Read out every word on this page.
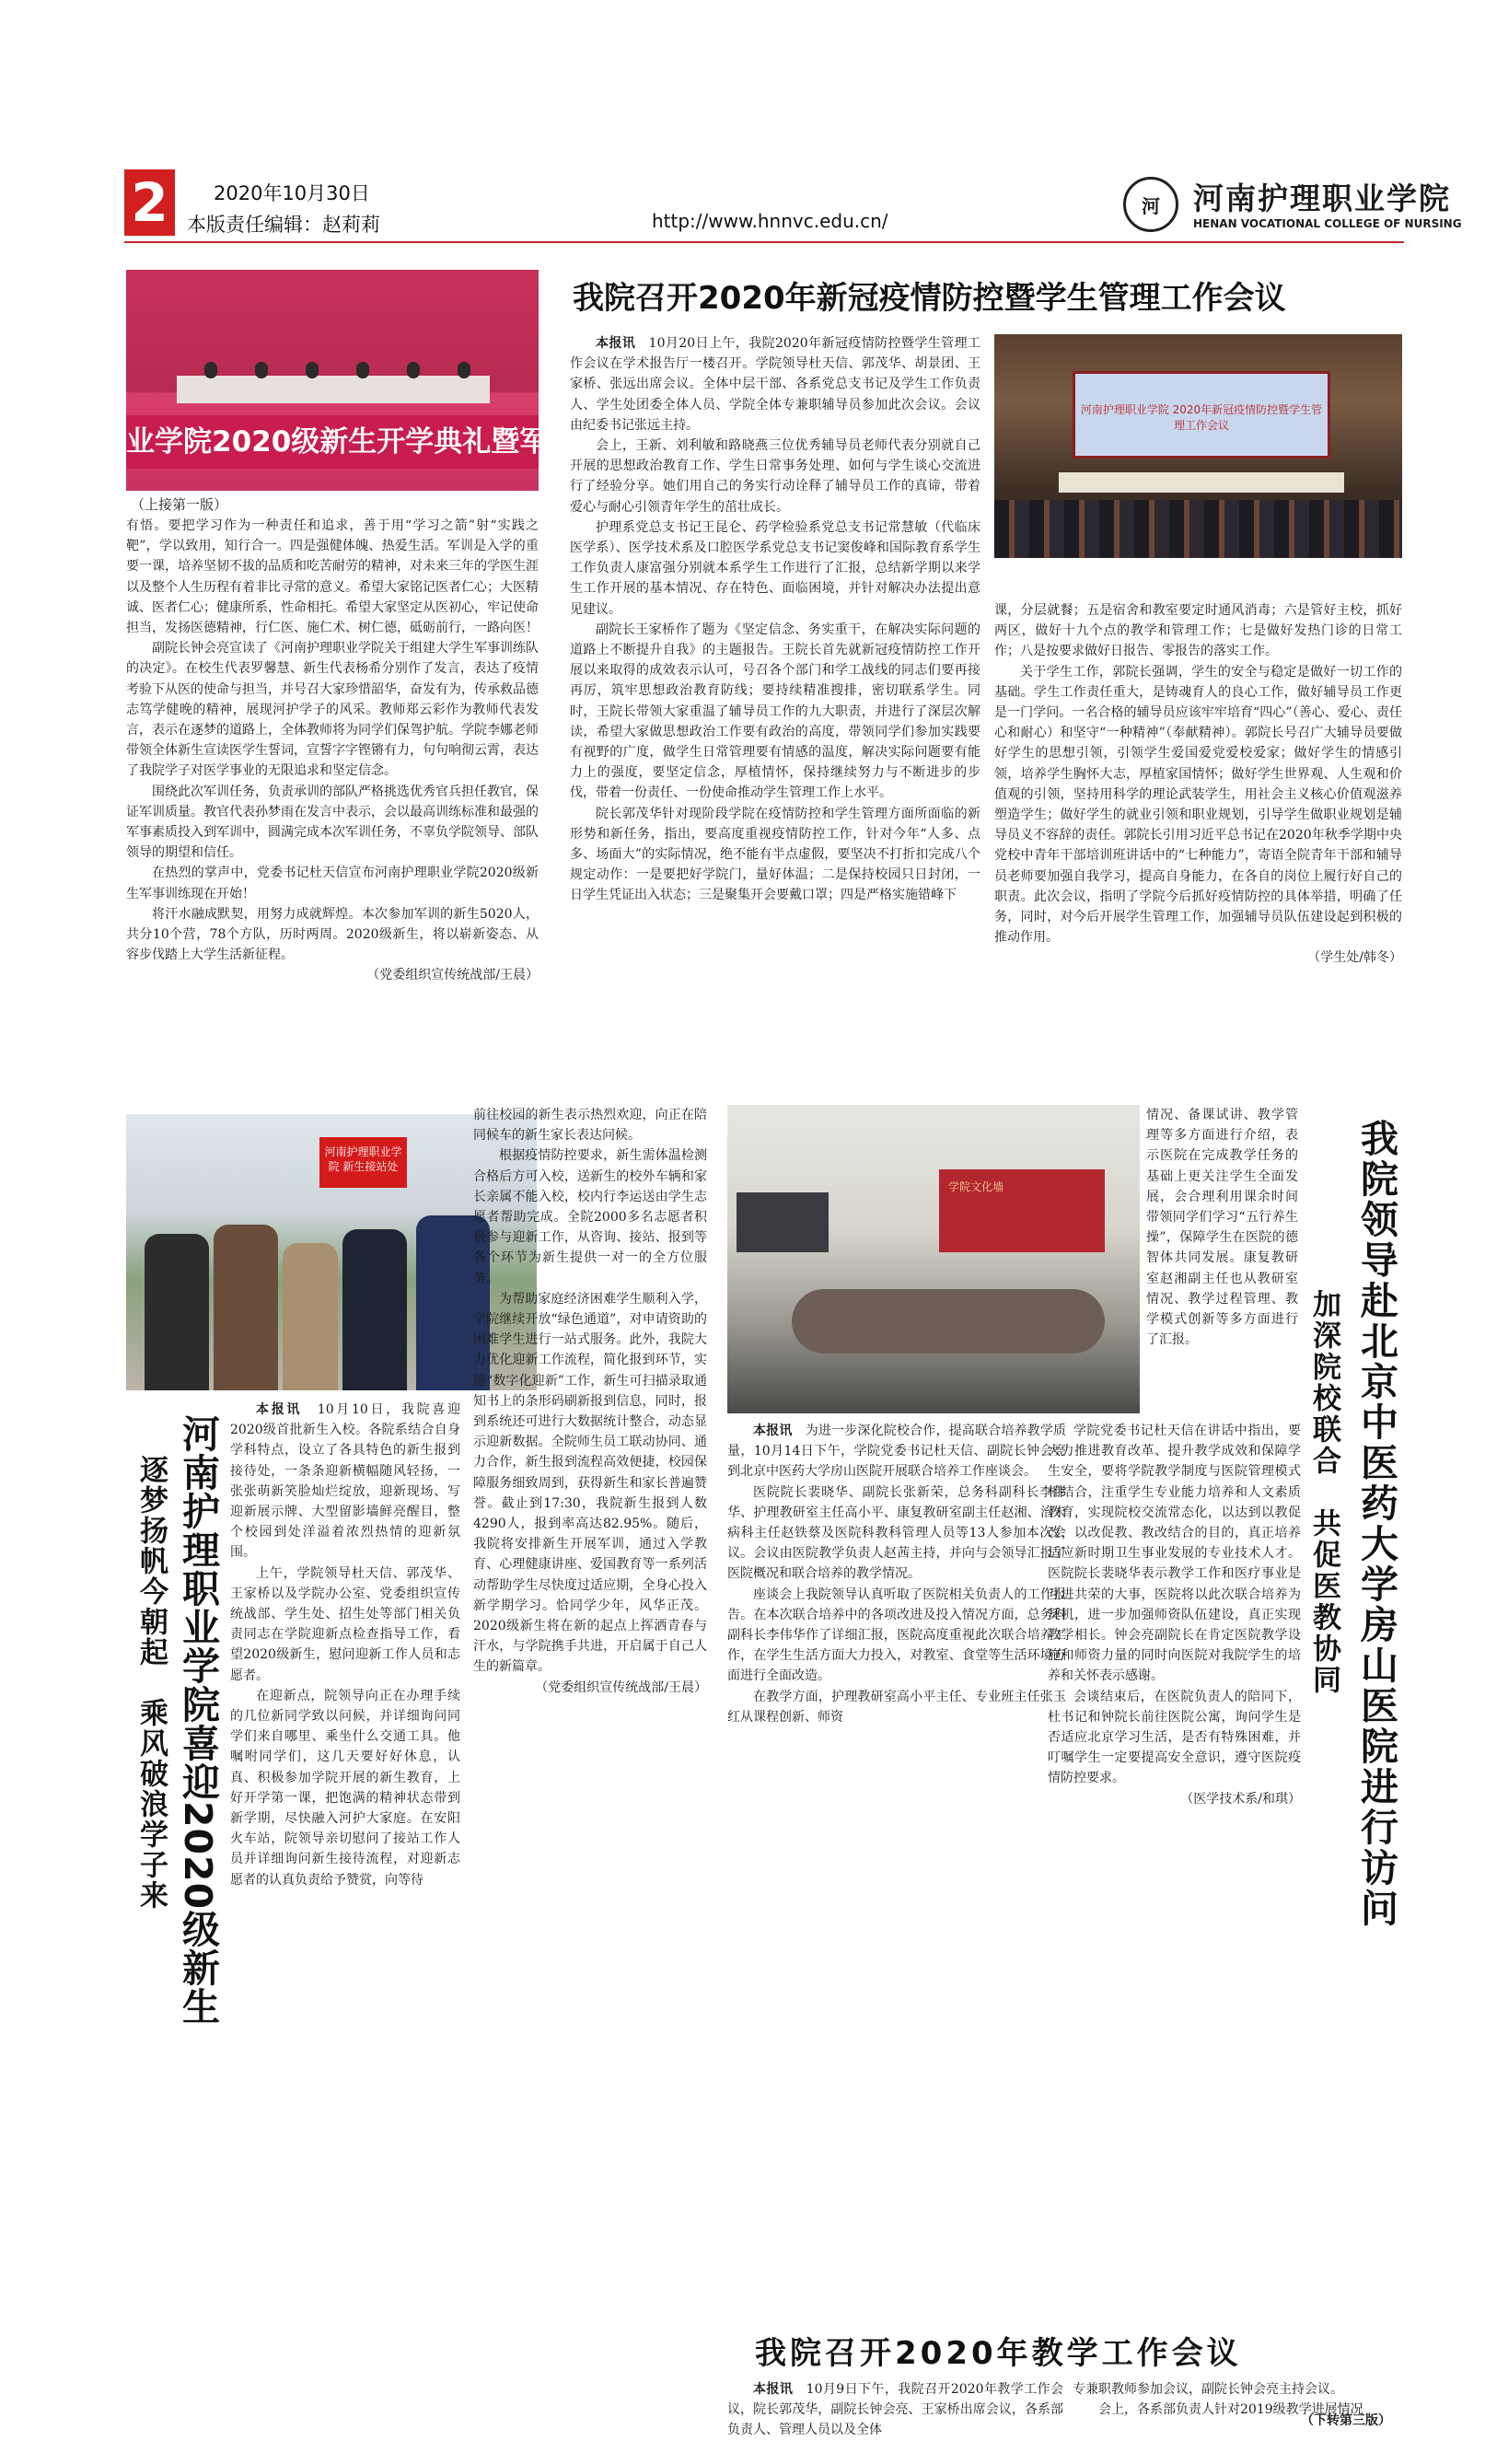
2	2020年10月30日
本版责任编辑：赵莉莉	http://www.hnnvc.edu.cn/
河	河南护理职业学院
HENAN VOCATIONAL COLLEGE OF NURSING
业学院2020级新生开学典礼暨军
（上接第一版）

有悟。要把学习作为一种责任和追求，善于用“学习之箭”射“实践之靶”，学以致用，知行合一。四是强健体魄、热爱生活。军训是入学的重要一课，培养坚韧不拔的品质和吃苦耐劳的精神，对未来三年的学医生涯以及整个人生历程有着非比寻常的意义。希望大家铭记医者仁心；大医精诚、医者仁心；健康所系，性命相托。希望大家坚定从医初心，牢记使命担当，发扬医德精神，行仁医、施仁术、树仁德，砥砺前行，一路向医！

副院长钟会亮宣读了《河南护理职业学院关于组建大学生军事训练队的决定》。在校生代表罗馨慧、新生代表杨希分别作了发言，表达了疫情考验下从医的使命与担当，并号召大家珍惜韶华，奋发有为，传承救品德志笃学健晚的精神，展现河护学子的风采。教师郑云彩作为教师代表发言，表示在逐梦的道路上，全体教师将为同学们保驾护航。学院李娜老师带领全体新生宣读医学生誓词，宣誓字字铿锵有力，句句响彻云霄，表达了我院学子对医学事业的无限追求和坚定信念。

围绕此次军训任务，负责承训的部队严格挑选优秀官兵担任教官，保证军训质量。教官代表孙梦雨在发言中表示，会以最高训练标准和最强的军事素质投入到军训中，圆满完成本次军训任务，不辜负学院领导、部队领导的期望和信任。

在热烈的掌声中，党委书记杜天信宣布河南护理职业学院2020级新生军事训练现在开始！

将汗水融成默契，用努力成就辉煌。本次参加军训的新生5020人，共分10个营，78个方队，历时两周。2020级新生，将以崭新姿态、从容步伐踏上大学生活新征程。

（党委组织宣传统战部/王晨）

我院召开2020年新冠疫情防控暨学生管理工作会议

本报讯　 10月20日上午，我院2020年新冠疫情防控暨学生管理工作会议在学术报告厅一楼召开。学院领导杜天信、郭茂华、胡景团、王家桥、张远出席会议。全体中层干部、各系党总支书记及学生工作负责人、学生处团委全体人员、学院全体专兼职辅导员参加此次会议。会议由纪委书记张远主持。

会上，王新、刘利敏和路晓燕三位优秀辅导员老师代表分别就自己开展的思想政治教育工作、学生日常事务处理、如何与学生谈心交流进行了经验分享。她们用自己的务实行动诠释了辅导员工作的真谛，带着爱心与耐心引领青年学生的茁壮成长。

护理系党总支书记王昆仑、药学检验系党总支书记常慧敏（代临床医学系）、医学技术系及口腔医学系党总支书记窦俊峰和国际教育系学生工作负责人康富强分别就本系学生工作进行了汇报，总结新学期以来学生工作开展的基本情况、存在特色、面临困境，并针对解决办法提出意见建议。

副院长王家桥作了题为《坚定信念、务实重干，在解决实际问题的道路上不断提升自我》的主题报告。王院长首先就新冠疫情防控工作开展以来取得的成效表示认可，号召各个部门和学工战线的同志们要再接再厉，筑牢思想政治教育防线；要持续精准搜排，密切联系学生。同时，王院长带领大家重温了辅导员工作的九大职责，并进行了深层次解读，希望大家做思想政治工作要有政治的高度，带领同学们参加实践要有视野的广度，做学生日常管理要有情感的温度，解决实际问题要有能力上的强度，要坚定信念，厚植情怀，保持继续努力与不断进步的步伐，带着一份责任、一份使命推动学生管理工作上水平。

院长郭茂华针对现阶段学院在疫情防控和学生管理方面所面临的新形势和新任务，指出，要高度重视疫情防控工作，针对今年“人多、点多、场面大”的实际情况，绝不能有半点虚假，要坚决不打折扣完成八个规定动作：一是要把好学院门，量好体温；二是保持校园只日封闭，一日学生凭证出入状态；三是聚集开会要戴口罩；四是严格实施错峰下

河南护理职业学院 2020年新冠疫情防控暨学生管理工作会议

课，分层就餐；五是宿舍和教室要定时通风消毒；六是管好主校，抓好两区，做好十九个点的教学和管理工作；七是做好发热门诊的日常工作；八是按要求做好日报告、零报告的落实工作。

关于学生工作，郭院长强调，学生的安全与稳定是做好一切工作的基础。学生工作责任重大，是铸魂育人的良心工作，做好辅导员工作更是一门学问。一名合格的辅导员应该牢牢培育“四心”（善心、爱心、责任心和耐心）和坚守“一种精神”（奉献精神）。郭院长号召广大辅导员要做好学生的思想引领，引领学生爱国爱党爱校爱家；做好学生的情感引领，培养学生胸怀大志，厚植家国情怀；做好学生世界观、人生观和价值观的引领，坚持用科学的理论武装学生，用社会主义核心价值观滋养塑造学生；做好学生的就业引领和职业规划，引导学生做职业规划是辅导员义不容辞的责任。郭院长引用习近平总书记在2020年秋季学期中央党校中青年干部培训班讲话中的“七种能力”，寄语全院青年干部和辅导员老师要加强自我学习，提高自身能力，在各自的岗位上履行好自己的职责。此次会议，指明了学院今后抓好疫情防控的具体举措，明确了任务，同时，对今后开展学生管理工作，加强辅导员队伍建设起到积极的推动作用。

（学生处/韩冬）

河南护理职业学院 新生接站处
河南护理职业学院喜迎2020级新生
逐梦扬帆今朝起　乘风破浪学子来

本报讯　 10月10日，我院喜迎2020级首批新生入校。各院系结合自身学科特点，设立了各具特色的新生报到接待处，一条条迎新横幅随风轻扬，一张张萌新笑脸灿烂绽放，迎新现场、写迎新展示牌、大型留影墙鲜亮醒目，整个校园到处洋溢着浓烈热情的迎新氛围。

上午，学院领导杜天信、郭茂华、王家桥以及学院办公室、党委组织宣传统战部、学生处、招生处等部门相关负责同志在学院迎新点检查指导工作，看望2020级新生，慰问迎新工作人员和志愿者。

在迎新点，院领导向正在办理手续的几位新同学致以问候，并详细询问同学们来自哪里、乘坐什么交通工具。他嘱咐同学们，这几天要好好休息，认真、积极参加学院开展的新生教育，上好开学第一课，把饱满的精神状态带到新学期，尽快融入河护大家庭。在安阳火车站，院领导亲切慰问了接站工作人员并详细询问新生接待流程，对迎新志愿者的认真负责给予赞赏，向等待

前往校园的新生表示热烈欢迎，向正在陪同候车的新生家长表达问候。

根据疫情防控要求，新生需体温检测合格后方可入校，送新生的校外车辆和家长亲属不能入校，校内行李运送由学生志愿者帮助完成。全院2000多名志愿者积极参与迎新工作，从咨询、接站、报到等各个环节为新生提供一对一的全方位服务。

为帮助家庭经济困难学生顺利入学，学院继续开放“绿色通道”，对申请资助的困难学生进行一站式服务。此外，我院大力优化迎新工作流程，简化报到环节，实施“数字化迎新”工作，新生可扫描录取通知书上的条形码刷新报到信息，同时，报到系统还可进行大数据统计整合，动态显示迎新数据。全院师生员工联动协同、通力合作，新生报到流程高效便捷，校园保障服务细致周到，获得新生和家长普遍赞誉。截止到17:30，我院新生报到人数4290人，报到率高达82.95%。随后，我院将安排新生开展军训，通过入学教育、心理健康讲座、爱国教育等一系列活动帮助学生尽快度过适应期，全身心投入新学期学习。恰同学少年，风华正茂。2020级新生将在新的起点上挥洒青春与汗水，与学院携手共进，开启属于自己人生的新篇章。

（党委组织宣传统战部/王晨）

学院文化墙	我院领导赴北京中医药大学房山医院进行访问
加深院校联合　共促医教协同

本报讯　 为进一步深化院校合作，提高联合培养教学质量，10月14日下午，学院党委书记杜天信、副院长钟会亮到北京中医药大学房山医院开展联合培养工作座谈会。

医院院长裴晓华、副院长张新荣，总务科副科长李伟华、护理教研室主任高小平、康复教研室副主任赵湘、治未病科主任赵铁蔡及医院科教科管理人员等13人参加本次会议。会议由医院教学负责人赵茜主持，并向与会领导汇报了医院概况和联合培养的教学情况。

座谈会上我院领导认真听取了医院相关负责人的工作报告。在本次联合培养中的各项改进及投入情况方面，总务科副科长李伟华作了详细汇报，医院高度重视此次联合培养工作，在学生生活方面大力投入，对教室、食堂等生活环境方面进行全面改造。

在教学方面，护理教研室高小平主任、专业班主任张玉红从课程创新、师资

情况、备课试讲、教学管理等多方面进行介绍，表示医院在完成教学任务的基础上更关注学生全面发展，会合理利用课余时间带领同学们学习“五行养生操”，保障学生在医院的德智体共同发展。康复教研室赵湘副主任也从教研室情况、教学过程管理、教学模式创新等多方面进行了汇报。

学院党委书记杜天信在讲话中指出，要大力推进教育改革、提升教学成效和保障学生安全，要将学院教学制度与医院管理模式相结合，注重学生专业能力培养和人文素质教育，实现院校交流常态化，以达到以教促改，以改促教、教改结合的目的，真正培养适应新时期卫生事业发展的专业技术人才。医院院长裴晓华表示教学工作和医疗事业是互进共荣的大事，医院将以此次联合培养为契机，进一步加强师资队伍建设，真正实现教学相长。钟会亮副院长在肯定医院教学设施和师资力量的同时向医院对我院学生的培养和关怀表示感谢。

会谈结束后，在医院负责人的陪同下，杜书记和钟院长前往医院公寓，询问学生是否适应北京学习生活，是否有特殊困难，并叮嘱学生一定要提高安全意识，遵守医院疫情防控要求。

（医学技术系/和琪）

我院召开2020年教学工作会议

本报讯　 10月9日下午，我院召开2020年教学工作会议，院长郭茂华，副院长钟会亮、王家桥出席会议，各系部负责人、管理人员以及全体

专兼职教师参加会议，副院长钟会亮主持会议。

会上，各系部负责人针对2019级教学进展情况

（下转第三版）
